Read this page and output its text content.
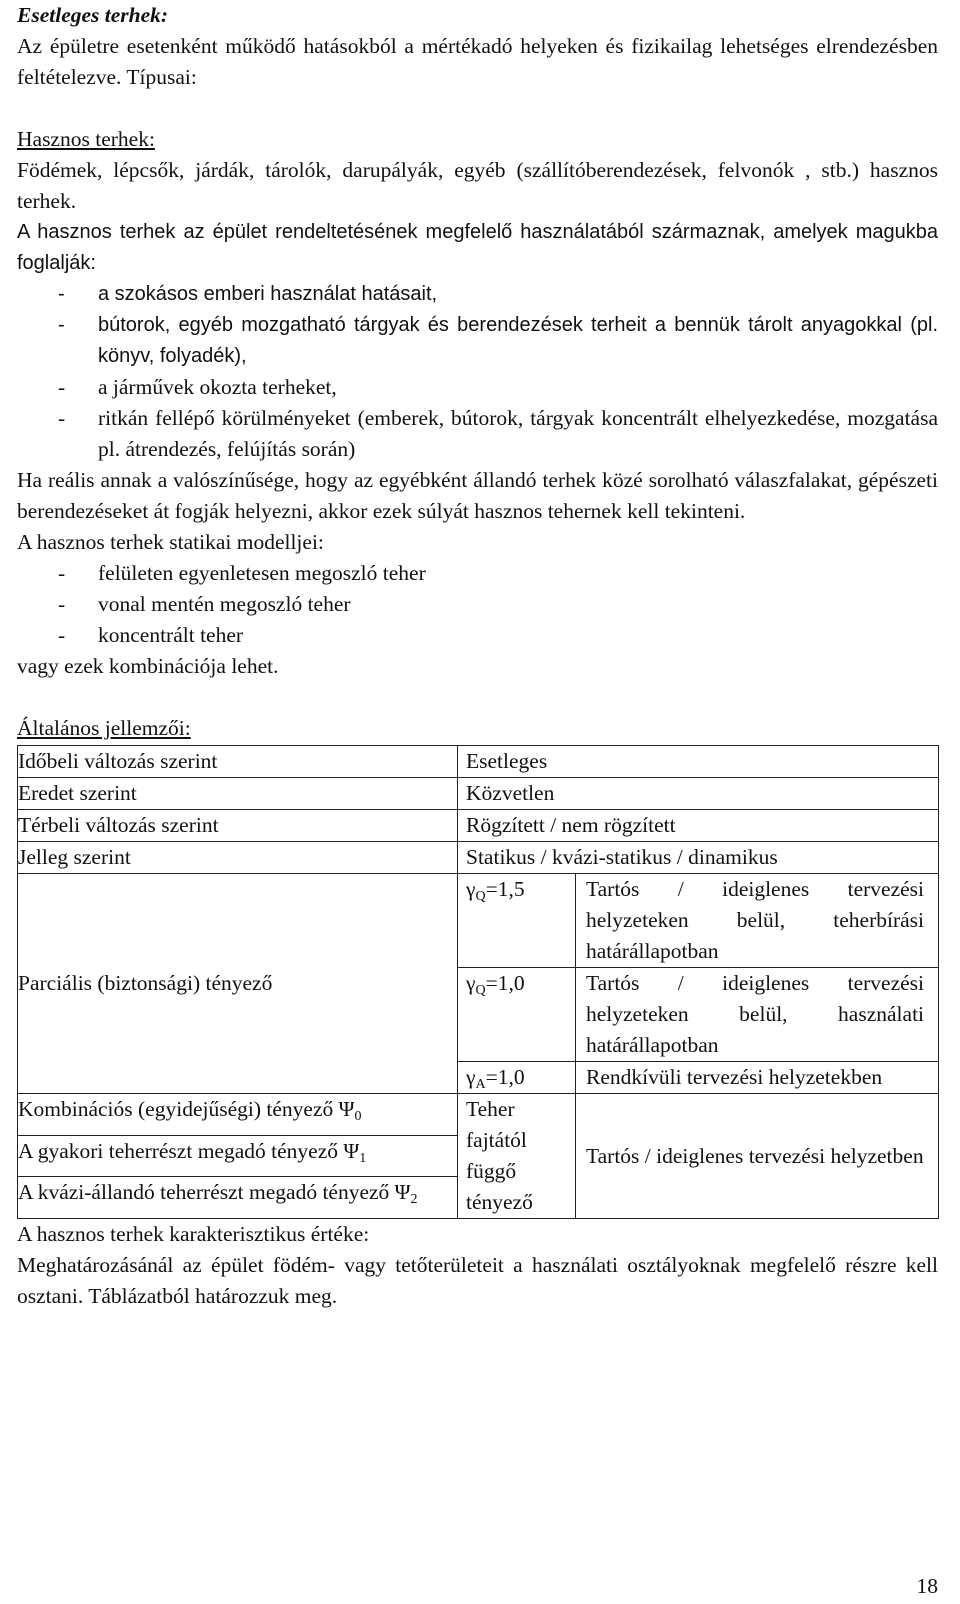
Esetleges terhek:

Az épületre esetenként működő hatásokból a mértékadó helyeken és fizikailag lehetséges elrendezésben feltételezve. Típusai:

Hasznos terhek:

Födémek, lépcsők, járdák, tárolók, darupályák, egyéb (szállítóberendezések, felvonók , stb.) hasznos terhek.

A hasznos terhek az épület rendeltetésének megfelelő használatából származnak, amelyek magukba foglalják:

- a szokásos emberi használat hatásait,

- bútorok, egyéb mozgatható tárgyak és berendezések terheit a bennük tárolt anyagokkal (pl. könyv, folyadék),

- a járművek okozta terheket,

- ritkán fellépő körülményeket (emberek, bútorok, tárgyak koncentrált elhelyezkedése, mozgatása pl. átrendezés, felújítás során)

Ha reális annak a valószínűsége, hogy az egyébként állandó terhek közé sorolható válaszfalakat, gépészeti berendezéseket át fogják helyezni, akkor ezek súlyát hasznos tehernek kell tekinteni.

A hasznos terhek statikai modelljei:

- felületen egyenletesen megoszló teher

- vonal mentén megoszló teher

- koncentrált teher

vagy ezek kombinációja lehet.

Általános jellemzői:

Időbeli változás szerint	Esetleges	
Eredet szerint	Közvetlen	
Térbeli változás szerint	Rögzített / nem rögzített	
Jelleg szerint	Statikus / kvázi-statikus / dinamikus	
Parciális (biztonsági) tényező	$\gamma_Q=1,5$	Tartós / ideiglenes tervezési helyzeteken belül, teherbírási határállapotban
	$\gamma_Q=1,0$	Tartós / ideiglenes tervezési helyzeteken belül, használati határállapotban
	$\gamma_A=1,0$	Rendkívüli tervezési helyzetekben
Kombinációs (egyidejűségi) tényező $\Psi_0$	Teher fajtától függő tényező	Tartós / ideiglenes tervezési helyzetben
A gyakori teherrészt megadó tényező $\Psi_1$
A kvázi-állandó teherrészt megadó tényező $\Psi_2$

A hasznos terhek karakterisztikus értéke:

Meghatározásánál az épület födém- vagy tetőterületeit a használati osztályoknak megfelelő részre kell osztani. Táblázatból határozzuk meg.

18
